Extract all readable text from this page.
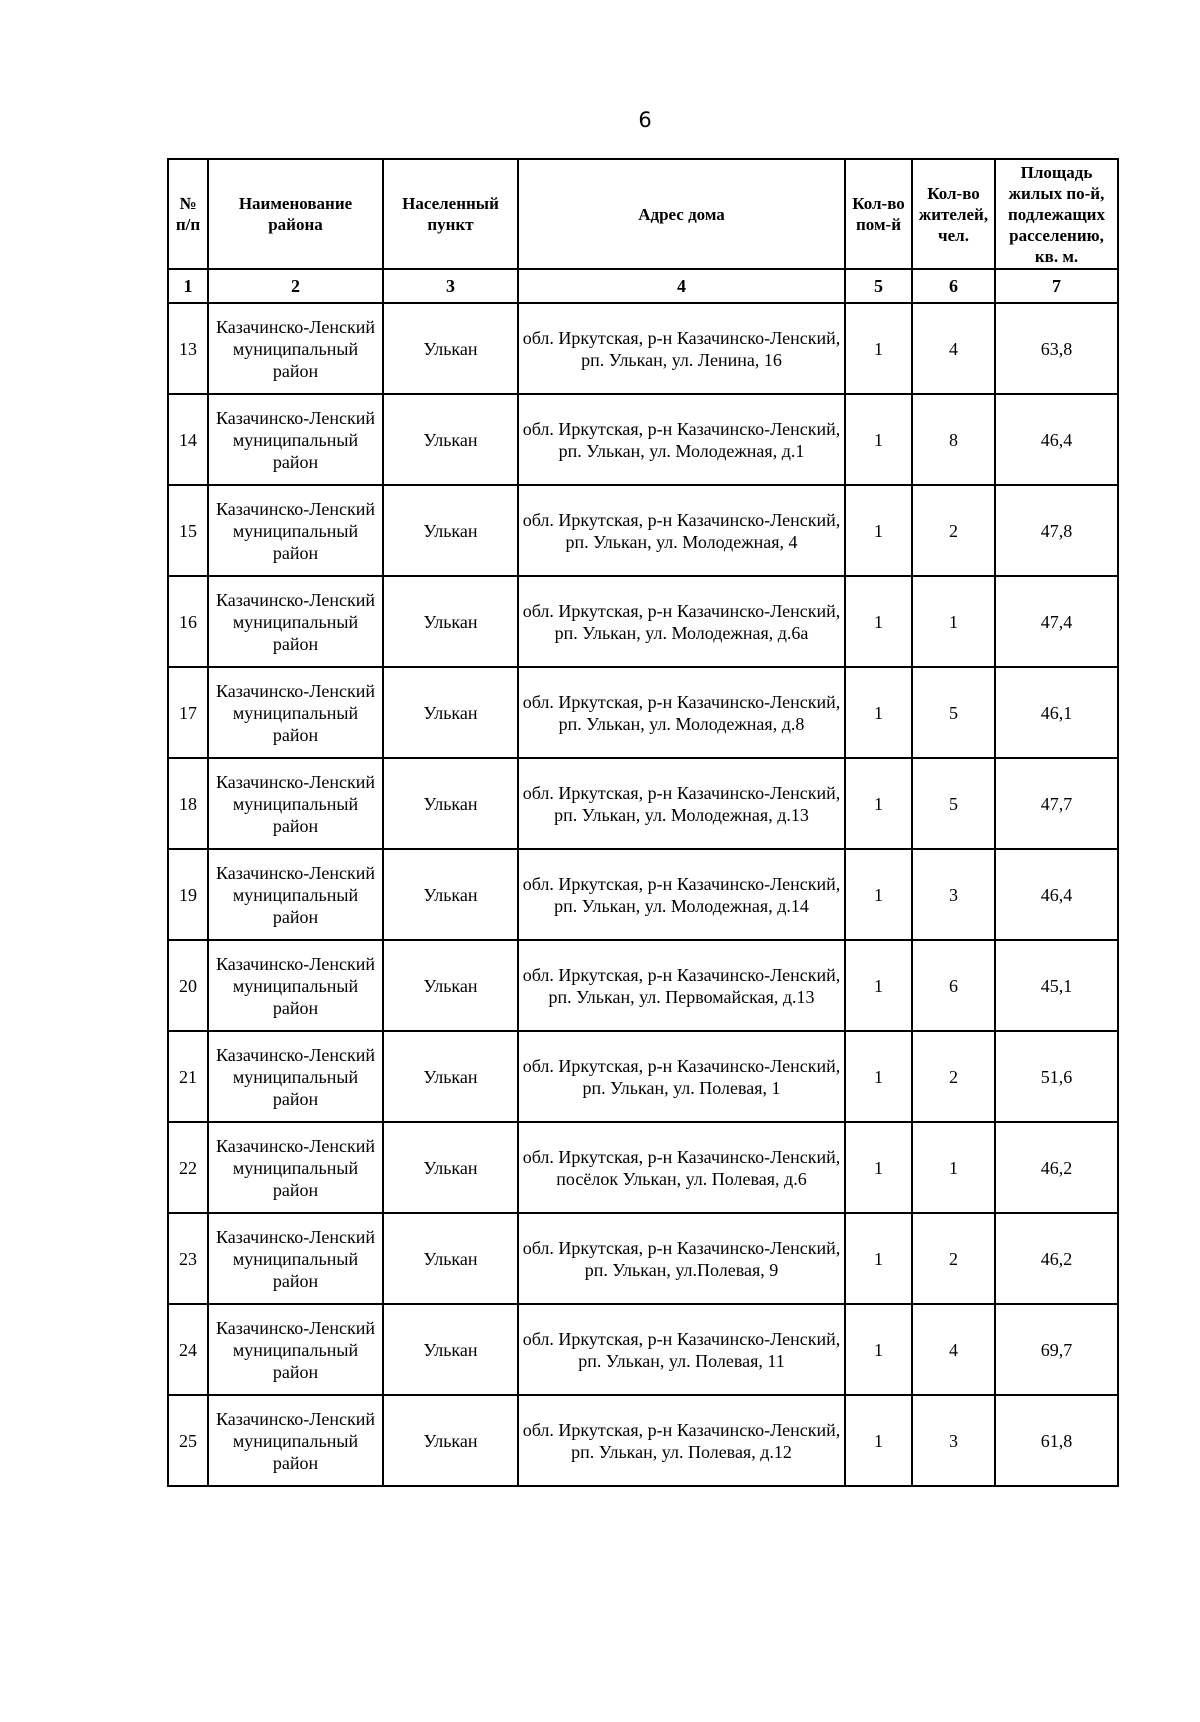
6
№ п/п	Наименование района	Населенный пункт	Адрес дома	Кол-во пом-й	Кол-во жителей, чел.	Площадь жилых по-й, подлежащих расселению, кв. м.
1	2	3	4	5	6	7
13	Казачинско-Ленский муниципальный район	Улькан	обл. Иркутская, р-н Казачинско-Ленский, рп. Улькан, ул. Ленина, 16	1	4	63,8
14	Казачинско-Ленский муниципальный район	Улькан	обл. Иркутская, р-н Казачинско-Ленский, рп. Улькан, ул. Молодежная, д.1	1	8	46,4
15	Казачинско-Ленский муниципальный район	Улькан	обл. Иркутская, р-н Казачинско-Ленский, рп. Улькан, ул. Молодежная, 4	1	2	47,8
16	Казачинско-Ленский муниципальный район	Улькан	обл. Иркутская, р-н Казачинско-Ленский, рп. Улькан, ул. Молодежная, д.6а	1	1	47,4
17	Казачинско-Ленский муниципальный район	Улькан	обл. Иркутская, р-н Казачинско-Ленский, рп. Улькан, ул. Молодежная, д.8	1	5	46,1
18	Казачинско-Ленский муниципальный район	Улькан	обл. Иркутская, р-н Казачинско-Ленский, рп. Улькан, ул. Молодежная, д.13	1	5	47,7
19	Казачинско-Ленский муниципальный район	Улькан	обл. Иркутская, р-н Казачинско-Ленский, рп. Улькан, ул. Молодежная, д.14	1	3	46,4
20	Казачинско-Ленский муниципальный район	Улькан	обл. Иркутская, р-н Казачинско-Ленский, рп. Улькан, ул. Первомайская, д.13	1	6	45,1
21	Казачинско-Ленский муниципальный район	Улькан	обл. Иркутская, р-н Казачинско-Ленский, рп. Улькан, ул. Полевая, 1	1	2	51,6
22	Казачинско-Ленский муниципальный район	Улькан	обл. Иркутская, р-н Казачинско-Ленский, посёлок Улькан, ул. Полевая, д.6	1	1	46,2
23	Казачинско-Ленский муниципальный район	Улькан	обл. Иркутская, р-н Казачинско-Ленский, рп. Улькан, ул.Полевая, 9	1	2	46,2
24	Казачинско-Ленский муниципальный район	Улькан	обл. Иркутская, р-н Казачинско-Ленский, рп. Улькан, ул. Полевая, 11	1	4	69,7
25	Казачинско-Ленский муниципальный район	Улькан	обл. Иркутская, р-н Казачинско-Ленский, рп. Улькан, ул. Полевая, д.12	1	3	61,8
